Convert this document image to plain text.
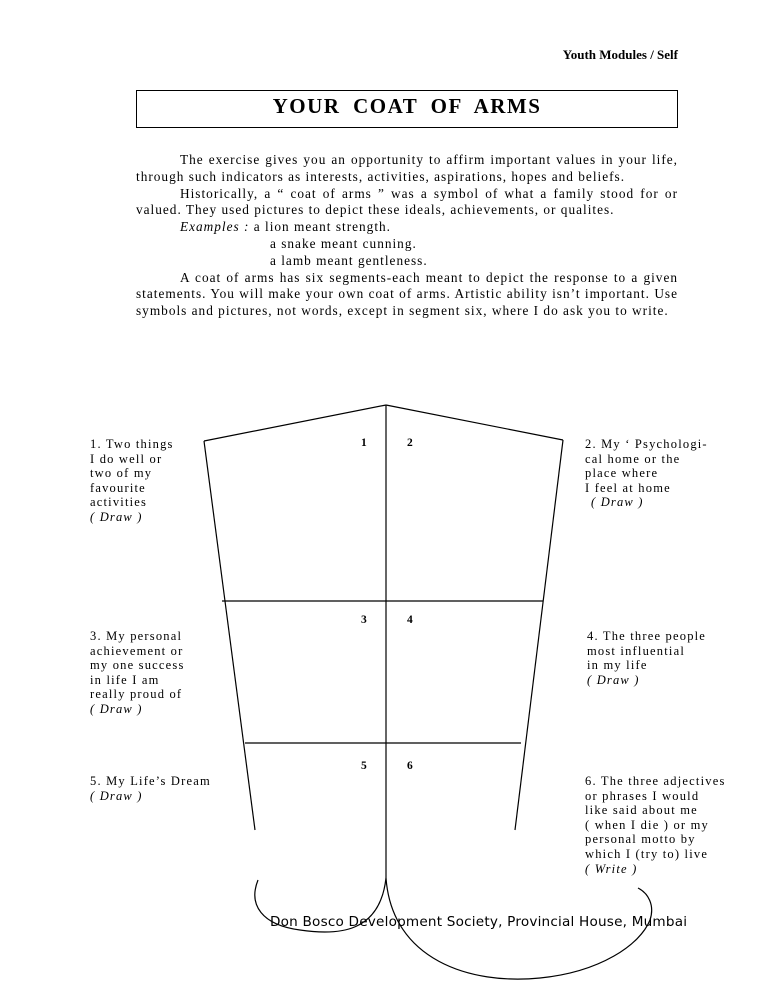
Youth Modules / Self
YOUR COAT OF ARMS

The exercise gives you an opportunity to affirm important values in your life, through such indicators as interests, activities, aspirations, hopes and beliefs.

Historically, a “ coat of arms ” was a symbol of what a family stood for or valued. They used pictures to depict these ideals, achievements, or qualites.

Examples : a lion meant strength.

a snake meant cunning.

a lamb meant gentleness.

A coat of arms has six segments-each meant to depict the response to a given statements. You will make your own coat of arms. Artistic ability isn’t important. Use symbols and pictures, not words, except in segment six, where I do ask you to write.

1	2
3	4
5	6
1. Two things
I do well or
two of my
favourite
activities
( Draw )
2. My ‘ Psychologi-
cal home or the
place where
I feel at home
( Draw )
3. My personal
achievement or
my one success
in life I am
really proud of
( Draw )
4. The three people
most influential
in my life
( Draw )
5. My Life’s Dream
( Draw )
6. The three adjectives
or phrases I would
like said about me
( when I die ) or my
personal motto by
which I (try to) live
( Write )
Don Bosco Development Society, Provincial House, Mumbai
